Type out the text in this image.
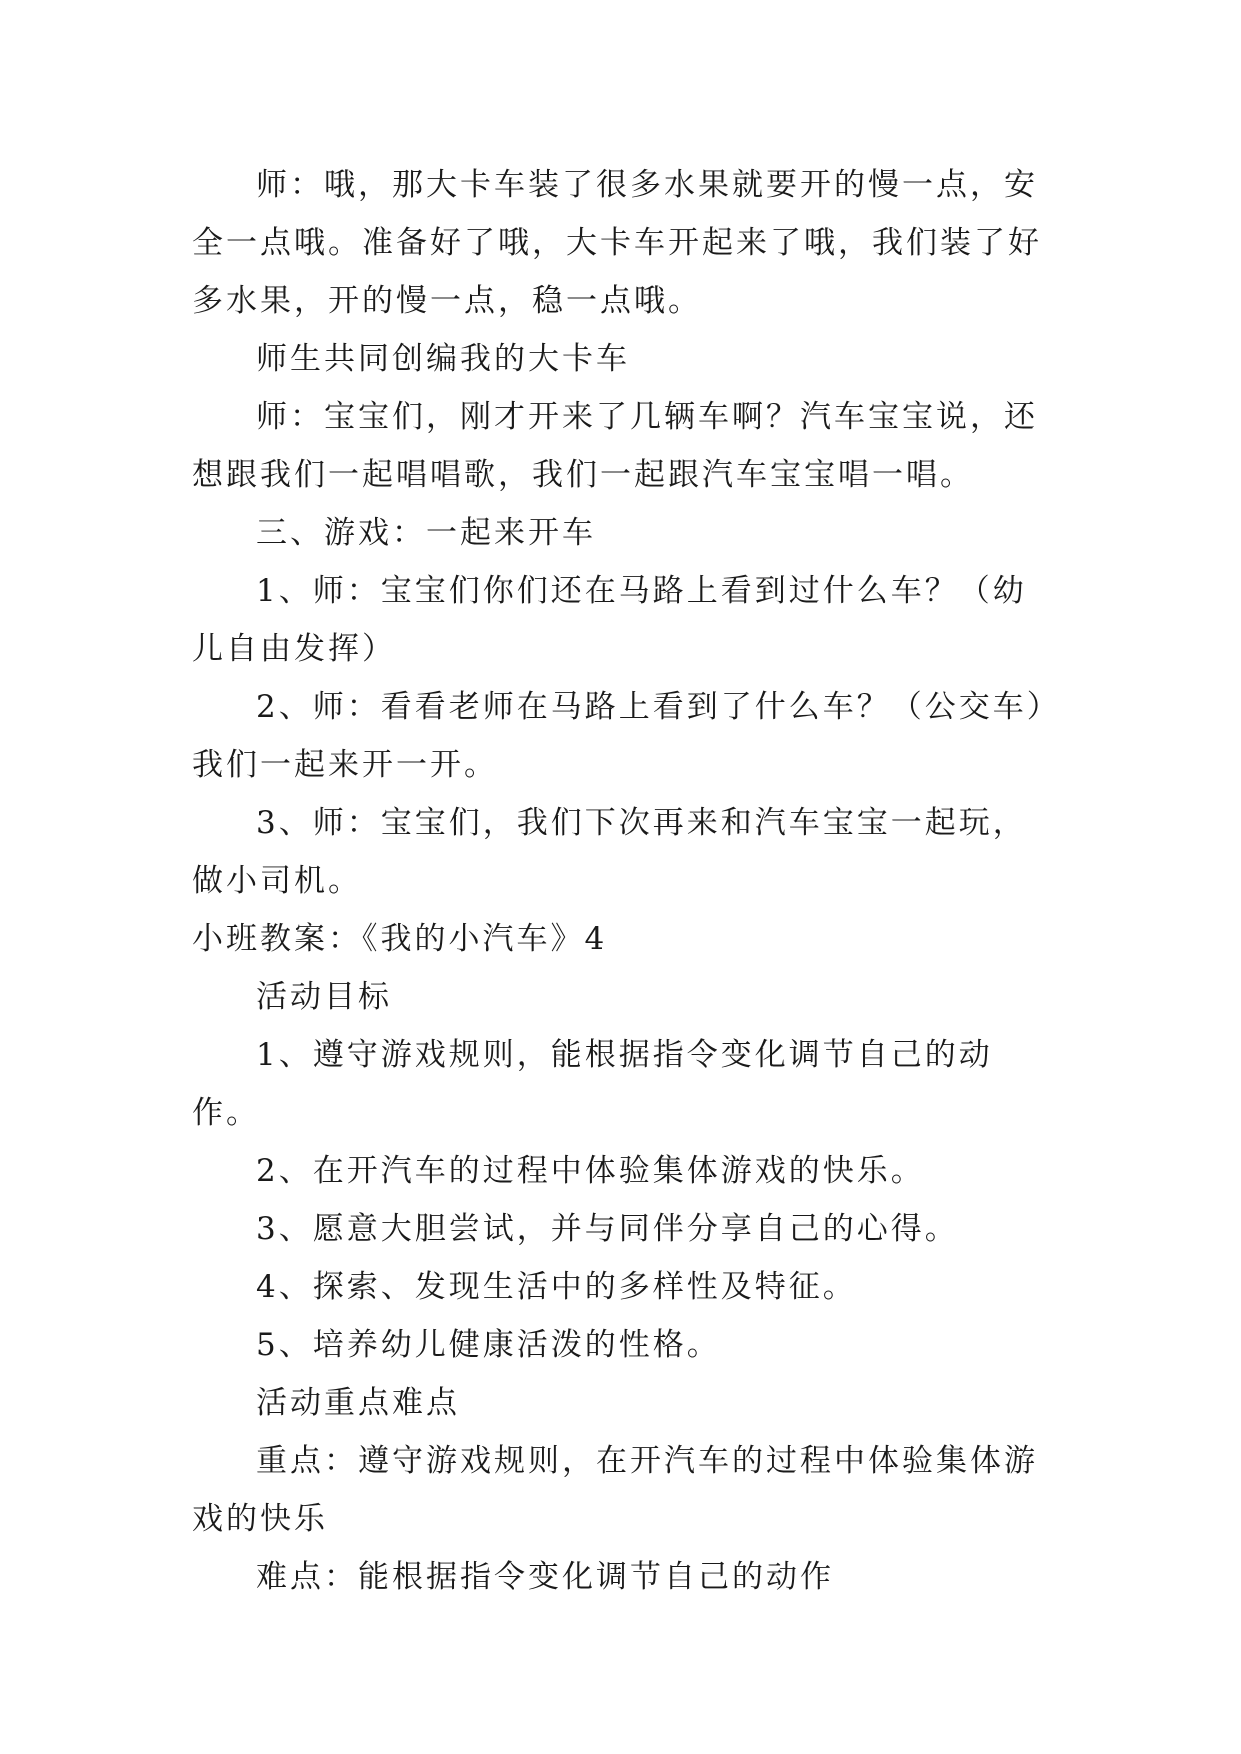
师：哦，那大卡车装了很多水果就要开的慢一点，安全一点哦。准备好了哦，大卡车开起来了哦，我们装了好多水果，开的慢一点，稳一点哦。

师生共同创编我的大卡车

师：宝宝们，刚才开来了几辆车啊？汽车宝宝说，还想跟我们一起唱唱歌，我们一起跟汽车宝宝唱一唱。

三、游戏：一起来开车

1、师：宝宝们你们还在马路上看到过什么车？（幼儿自由发挥）

2、师：看看老师在马路上看到了什么车？（公交车）我们一起来开一开。

3、师：宝宝们，我们下次再来和汽车宝宝一起玩，做小司机。

小班教案：《我的小汽车》4

活动目标

1、遵守游戏规则，能根据指令变化调节自己的动作。

2、在开汽车的过程中体验集体游戏的快乐。

3、愿意大胆尝试，并与同伴分享自己的心得。

4、探索、发现生活中的多样性及特征。

5、培养幼儿健康活泼的性格。

活动重点难点

重点：遵守游戏规则，在开汽车的过程中体验集体游戏的快乐

难点：能根据指令变化调节自己的动作
